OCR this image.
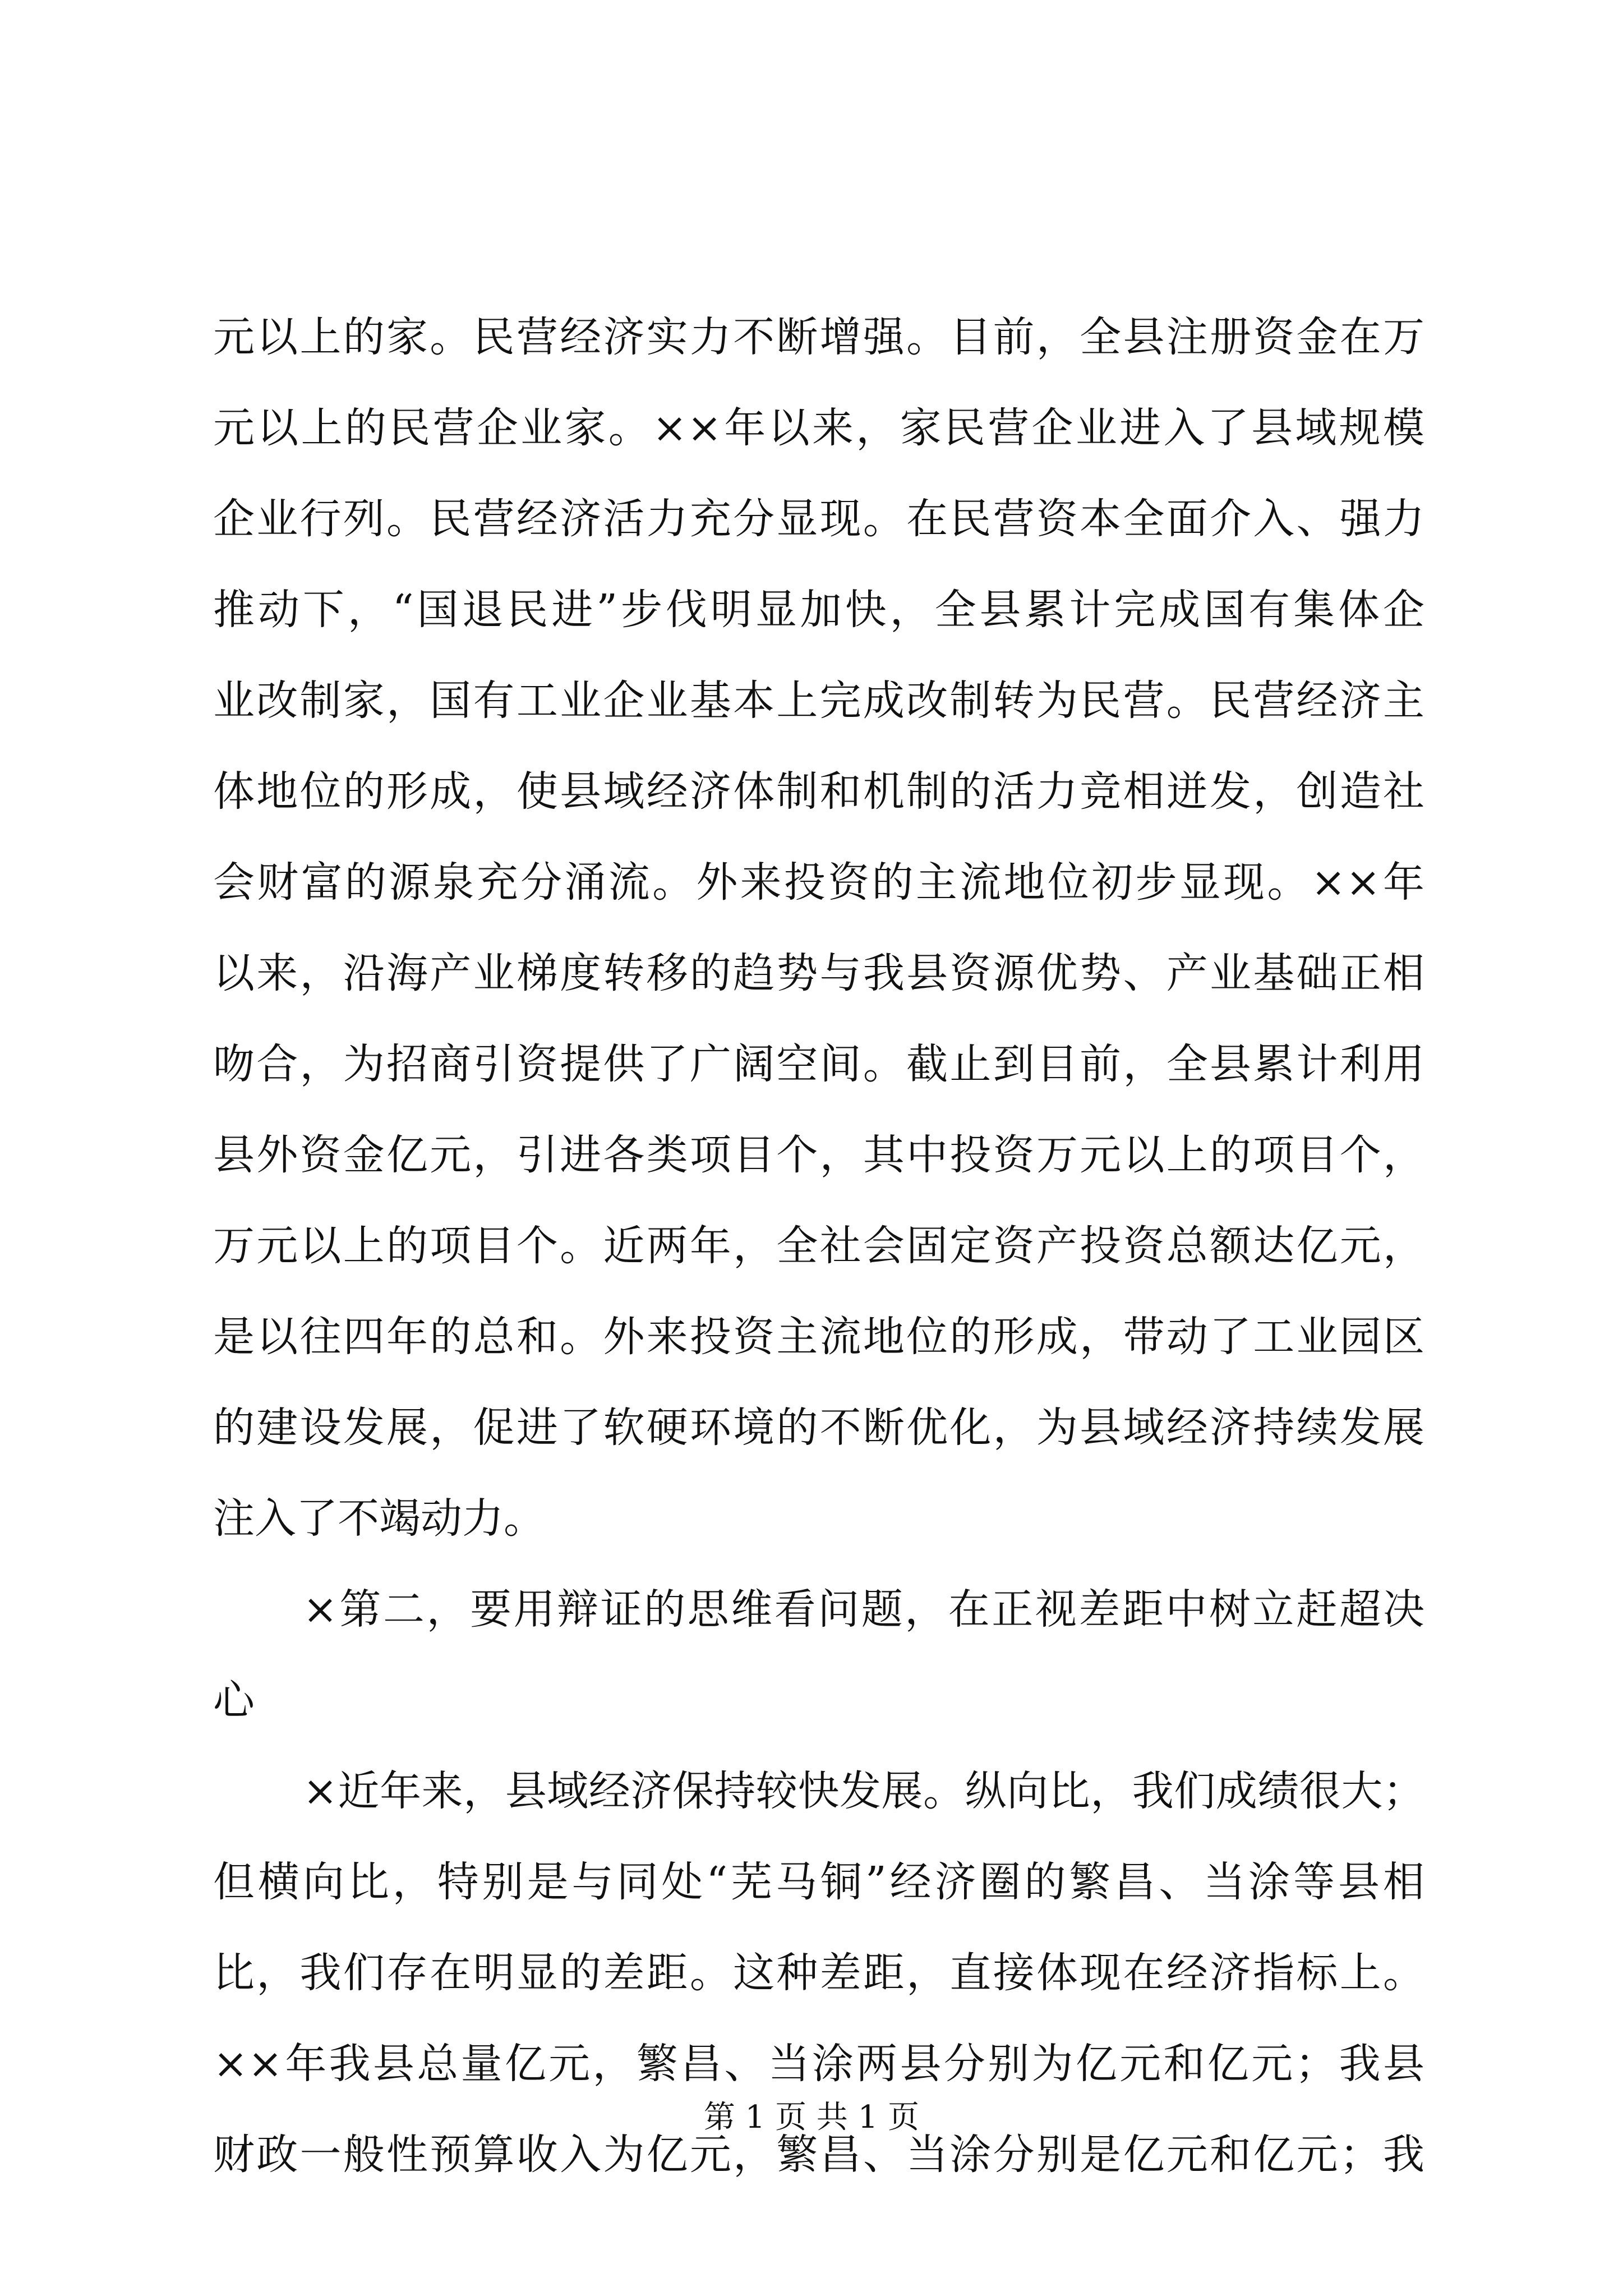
元以上的家。民营经济实力不断增强。目前，全县注册资金在万
元以上的民营企业家。××年以来，家民营企业进入了县域规模
企业行列。民营经济活力充分显现。在民营资本全面介入、强力
推动下，“国退民进”步伐明显加快，全县累计完成国有集体企
业改制家，国有工业企业基本上完成改制转为民营。民营经济主
体地位的形成，使县域经济体制和机制的活力竞相迸发，创造社
会财富的源泉充分涌流。外来投资的主流地位初步显现。××年
以来，沿海产业梯度转移的趋势与我县资源优势、产业基础正相
吻合，为招商引资提供了广阔空间。截止到目前，全县累计利用
县外资金亿元，引进各类项目个，其中投资万元以上的项目个，
万元以上的项目个。近两年，全社会固定资产投资总额达亿元，
是以往四年的总和。外来投资主流地位的形成，带动了工业园区
的建设发展，促进了软硬环境的不断优化，为县域经济持续发展
注入了不竭动力。
×第二，要用辩证的思维看问题，在正视差距中树立赶超决
心
×近年来，县域经济保持较快发展。纵向比，我们成绩很大；
但横向比，特别是与同处“芜马铜”经济圈的繁昌、当涂等县相
比，我们存在明显的差距。这种差距，直接体现在经济指标上。
××年我县总量亿元，繁昌、当涂两县分别为亿元和亿元；我县
财政一般性预算收入为亿元，繁昌、当涂分别是亿元和亿元；我
第 1 页 共 1 页
